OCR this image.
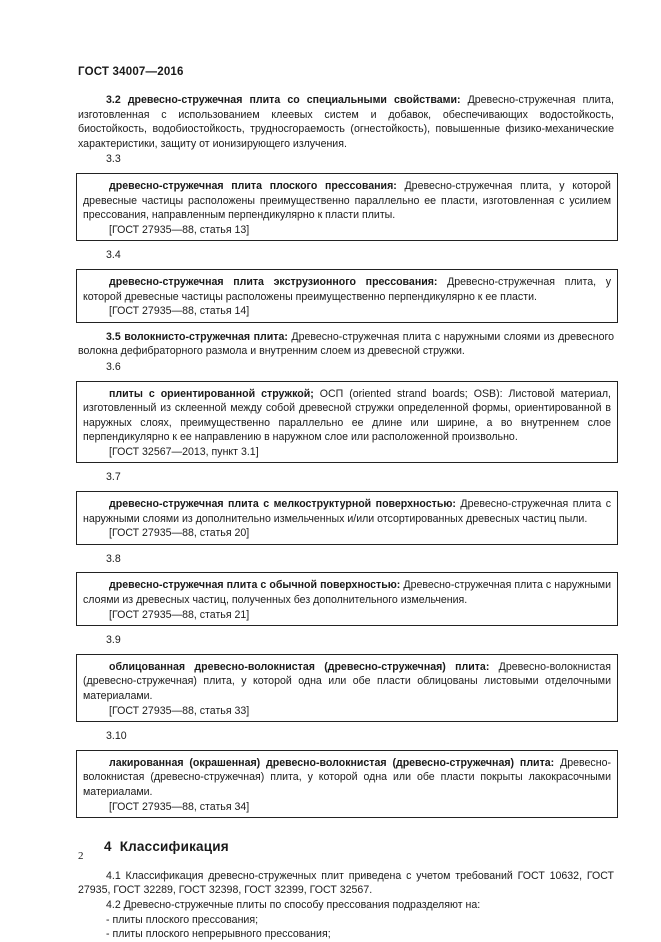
ГОСТ 34007—2016

3.2 древесно-стружечная плита со специальными свойствами: Древесно-стружечная плита, изготовленная с использованием клеевых систем и добавок, обеспечивающих водостойкость, биостойкость, водобиостойкость, трудносгораемость (огнестойкость), повышенные физико-механические характеристики, защиту от ионизирующего излучения.

3.3

древесно-стружечная плита плоского прессования: Древесно-стружечная плита, у которой древесные частицы расположены преимущественно параллельно ее пласти, изготовленная с усилием прессования, направленным перпендикулярно к пласти плиты.

[ГОСТ 27935—88, статья 13]

3.4

древесно-стружечная плита экструзионного прессования: Древесно-стружечная плита, у которой древесные частицы расположены преимущественно перпендикулярно к ее пласти.

[ГОСТ 27935—88, статья 14]

3.5 волокнисто-стружечная плита: Древесно-стружечная плита с наружными слоями из древесного волокна дефибраторного размола и внутренним слоем из древесной стружки.

3.6

плиты с ориентированной стружкой; ОСП (oriented strand boards; OSB): Листовой материал, изготовленный из склеенной между собой древесной стружки определенной формы, ориентированной в наружных слоях, преимущественно параллельно ее длине или ширине, а во внутреннем слое перпендикулярно к ее направлению в наружном слое или расположенной произвольно.

[ГОСТ 32567—2013, пункт 3.1]

3.7

древесно-стружечная плита с мелкоструктурной поверхностью: Древесно-стружечная плита с наружными слоями из дополнительно измельченных и/или отсортированных древесных частиц пыли.

[ГОСТ 27935—88, статья 20]

3.8

древесно-стружечная плита с обычной поверхностью: Древесно-стружечная плита с наружными слоями из древесных частиц, полученных без дополнительного измельчения.

[ГОСТ 27935—88, статья 21]

3.9

облицованная древесно-волокнистая (древесно-стружечная) плита: Древесно-волокнистая (древесно-стружечная) плита, у которой одна или обе пласти облицованы листовыми отделочными материалами.

[ГОСТ 27935—88, статья 33]

3.10

лакированная (окрашенная) древесно-волокнистая (древесно-стружечная) плита: Древесно-волокнистая (древесно-стружечная) плита, у которой одна или обе пласти покрыты лакокрасочными материалами.

[ГОСТ 27935—88, статья 34]

4 Классификация

4.1 Классификация древесно-стружечных плит приведена с учетом требований ГОСТ 10632, ГОСТ 27935, ГОСТ 32289, ГОСТ 32398, ГОСТ 32399, ГОСТ 32567.

4.2 Древесно-стружечные плиты по способу прессования подразделяют на:

- плиты плоского прессования;

- плиты плоского непрерывного прессования;

2
